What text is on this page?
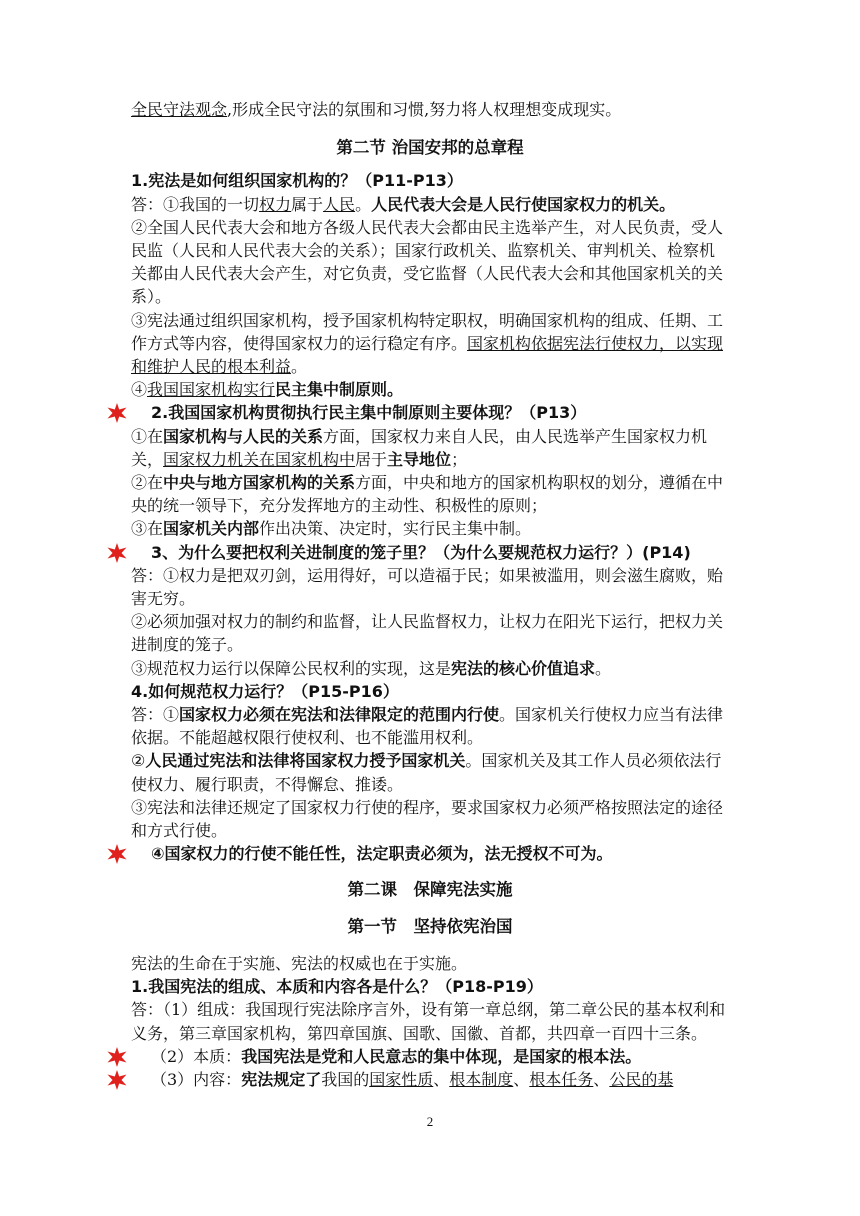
全民守法观念,形成全民守法的氛围和习惯,努力将人权理想变成现实。

第二节 治国安邦的总章程

1.宪法是如何组织国家机构的？（P11-P13）

答：①我国的一切权力属于人民。人民代表大会是人民行使国家权力的机关。

②全国人民代表大会和地方各级人民代表大会都由民主选举产生，对人民负责，受人民监（人民和人民代表大会的关系）；国家行政机关、监察机关、审判机关、检察机关都由人民代表大会产生，对它负责，受它监督（人民代表大会和其他国家机关的关系）。

③宪法通过组织国家机构，授予国家机构特定职权，明确国家机构的组成、任期、工作方式等内容，使得国家权力的运行稳定有序。国家机构依据宪法行使权力，以实现和维护人民的根本利益。

④我国国家机构实行民主集中制原则。

2.我国国家机构贯彻执行民主集中制原则主要体现？（P13）

①在国家机构与人民的关系方面，国家权力来自人民，由人民选举产生国家权力机关，国家权力机关在国家机构中居于主导地位；

②在中央与地方国家机构的关系方面，中央和地方的国家机构职权的划分，遵循在中央的统一领导下，充分发挥地方的主动性、积极性的原则；

③在国家机关内部作出决策、决定时，实行民主集中制。

3、为什么要把权利关进制度的笼子里？（为什么要规范权力运行？）(P14)

答：①权力是把双刃剑，运用得好，可以造福于民；如果被滥用，则会滋生腐败，贻害无穷。

②必须加强对权力的制约和监督，让人民监督权力，让权力在阳光下运行，把权力关进制度的笼子。

③规范权力运行以保障公民权利的实现，这是宪法的核心价值追求。

4.如何规范权力运行？（P15-P16）

答：①国家权力必须在宪法和法律限定的范围内行使。国家机关行使权力应当有法律依据。不能超越权限行使权利、也不能滥用权利。

②人民通过宪法和法律将国家权力授予国家机关。国家机关及其工作人员必须依法行使权力、履行职责，不得懈怠、推诿。

③宪法和法律还规定了国家权力行使的程序，要求国家权力必须严格按照法定的途径和方式行使。

④国家权力的行使不能任性，法定职责必须为，法无授权不可为。

第二课　保障宪法实施

第一节　坚持依宪治国

宪法的生命在于实施、宪法的权威也在于实施。

1.我国宪法的组成、本质和内容各是什么？（P18-P19）

答：（1）组成：我国现行宪法除序言外，设有第一章总纲，第二章公民的基本权利和义务，第三章国家机构，第四章国旗、国歌、国徽、首都，共四章一百四十三条。

（2）本质：我国宪法是党和人民意志的集中体现，是国家的根本法。

（3）内容：宪法规定了我国的国家性质、根本制度、根本任务、公民的基

2
